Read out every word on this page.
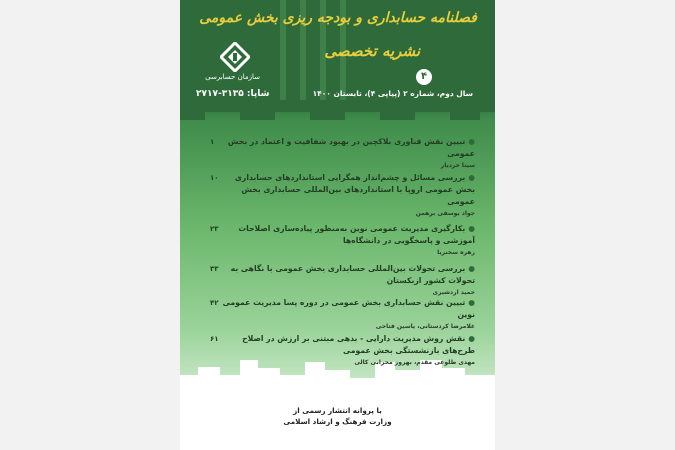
فصلنامه حسابداری و بودجه ریزی بخش عمومی
نشریه تخصصی
۴
سازمان حسابرسی
شاپا: ۳۱۳۵-۲۷۱۷	سال دوم، شماره ۲ (پیاپی ۴)، تابستان ۱۴۰۰
●تبیین نقش فناوری بلاکچین در بهبود شفافیت و اعتماد در بخش عمومی
سینا خردیار
۱
●بررسی مسائل و چشم‌انداز همگرایی استانداردهای حسابداری بخش عمومی اروپا با استانداردهای بین‌المللی حسابداری بخش عمومی
جواد یوسفی برهمن
۱۰
●بکارگیری مدیریت عمومی نوین به‌منظور پیاده‌سازی اصلاحات آموزشی و پاسخگویی در دانشگاه‌ها
زهره سخنریا
۲۳
●بررسی تحولات بین‌المللی حسابداری بخش عمومی با نگاهی به تحولات کشور ازبکستان
حمید اردشیری
۳۳
●تبیین نقش حسابداری بخش عمومی در دوره پسا مدیریت عمومی نوین
غلامرضا کردستانی، یاسین فتاحی
۴۲
●نقش روش مدیریت دارایی - بدهی مبتنی بر ارزش در اصلاح طرح‌های بازنشستگی بخش عمومی
مهدی طلوعی مقدم، بهروز محرابی کالی
۶۱
با پروانه انتشار رسمی از
وزارت فرهنگ و ارشاد اسلامی
